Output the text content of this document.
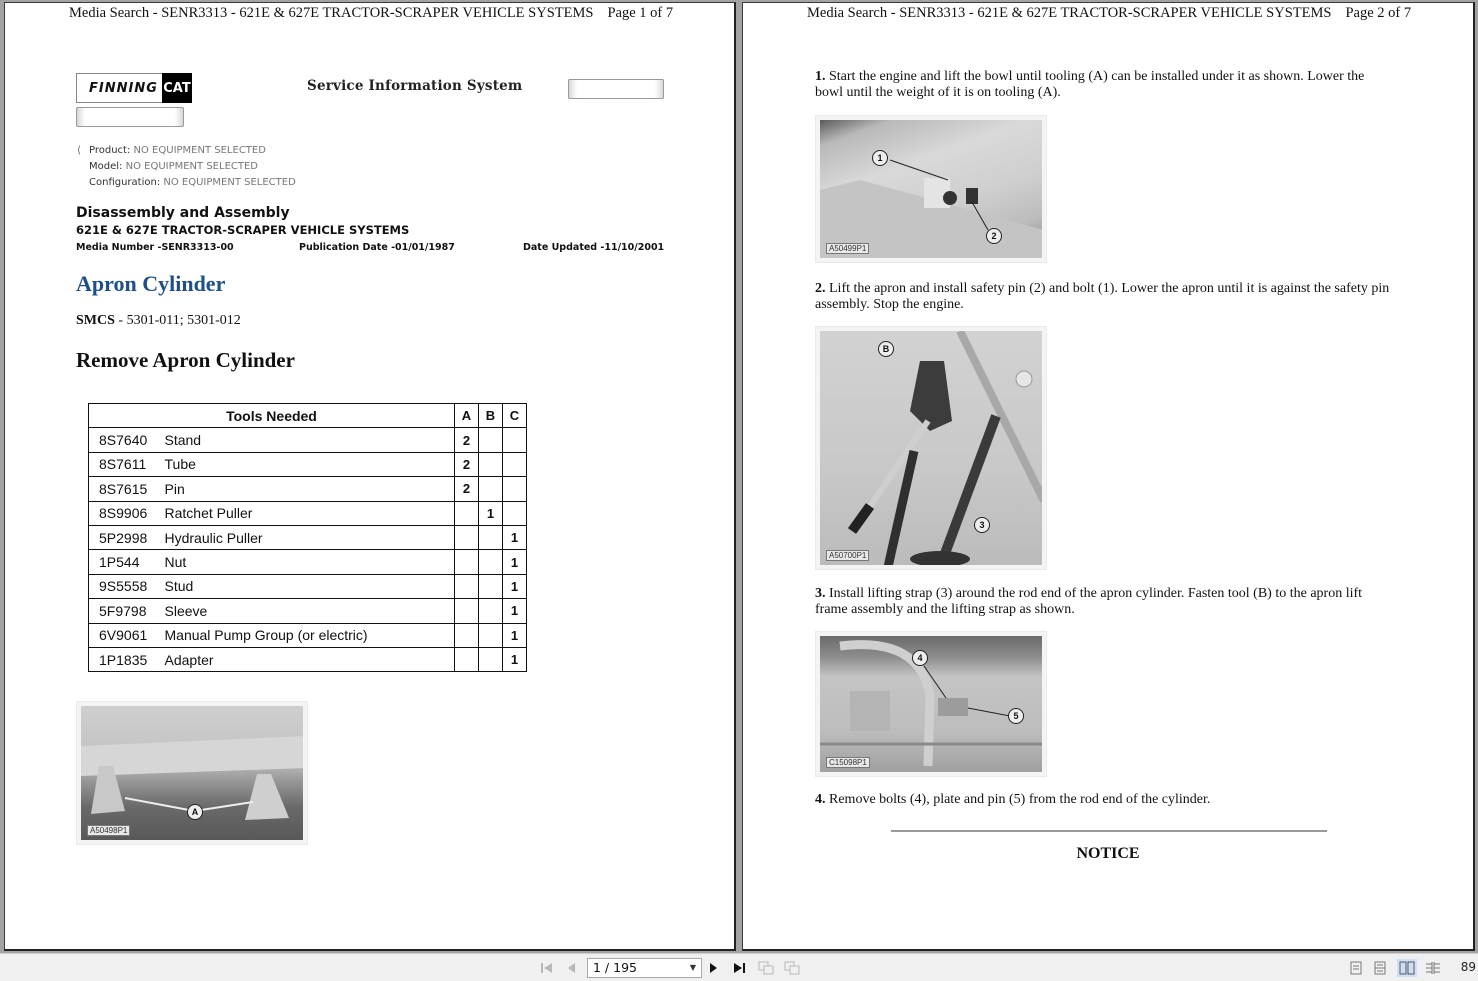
Media Search - SENR3313 - 621E & 627E TRACTOR-SCRAPER VEHICLE SYSTEMS Page 1 of 7
FINNING CAT	Service Information System
⟨ Product: NO EQUIPMENT SELECTED
Model: NO EQUIPMENT SELECTED
Configuration: NO EQUIPMENT SELECTED
Disassembly and Assembly
621E & 627E TRACTOR-SCRAPER VEHICLE SYSTEMS
Media Number -SENR3313-00	Publication Date -01/01/1987	Date Updated -11/10/2001
Apron Cylinder
SMCS - 5301-011; 5301-012
Remove Apron Cylinder
Tools Needed		A	B	C
8S7640	Stand	2		
8S7611	Tube	2		
8S7615	Pin	2		
8S9906	Ratchet Puller		1	
5P2998	Hydraulic Puller			1
1P544	Nut			1
9S5558	Stud			1
5F9798	Sleeve			1
6V9061	Manual Pump Group (or electric)			1
1P1835	Adapter			1
A
A50498P1
Media Search - SENR3313 - 621E & 627E TRACTOR-SCRAPER VEHICLE SYSTEMS Page 2 of 7
1. Start the engine and lift the bowl until tooling (A) can be installed under it as shown. Lower the bowl until the weight of it is on tooling (A).
1
2
A50499P1
2. Lift the apron and install safety pin (2) and bolt (1). Lower the apron until it is against the safety pin assembly. Stop the engine.
B
3
A50700P1
3. Install lifting strap (3) around the rod end of the apron cylinder. Fasten tool (B) to the apron lift frame assembly and the lifting strap as shown.
4
5
C15098P1
4. Remove bolts (4), plate and pin (5) from the rod end of the cylinder.
NOTICE
1 / 195	▼	89
